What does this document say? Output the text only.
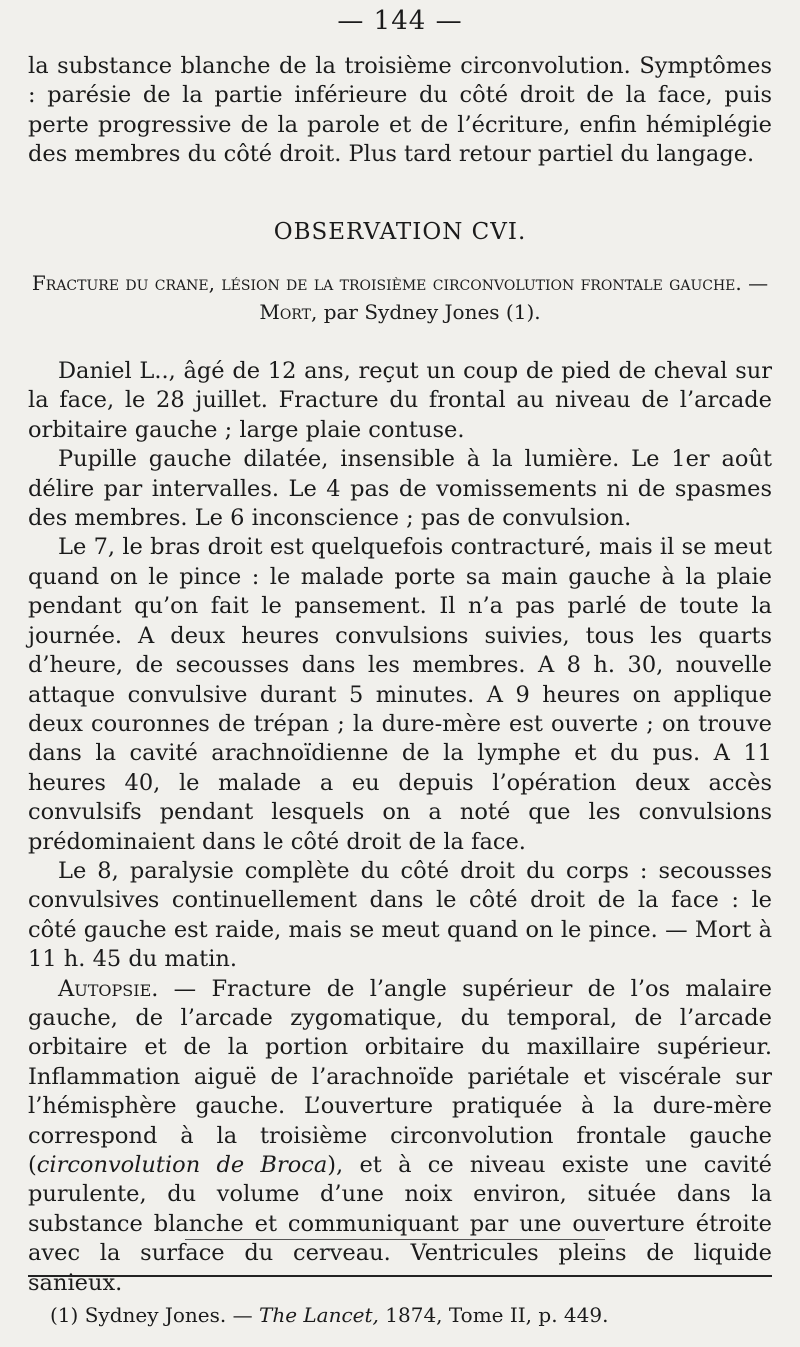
— 144 —

la substance blanche de la troisième circonvolution. Symptômes : parésie de la partie inférieure du côté droit de la face, puis perte progressive de la parole et de l’écriture, enfin hémiplégie des membres du côté droit. Plus tard retour partiel du langage.

OBSERVATION CVI.

Fracture du crane, lésion de la troisième circonvolution frontale gauche. — Mort, par Sydney Jones (1).

Daniel L.., âgé de 12 ans, reçut un coup de pied de cheval sur la face, le 28 juillet. Fracture du frontal au niveau de l’arcade orbitaire gauche ; large plaie contuse.

Pupille gauche dilatée, insensible à la lumière. Le 1er août délire par intervalles. Le 4 pas de vomissements ni de spasmes des membres. Le 6 inconscience ; pas de convulsion.

Le 7, le bras droit est quelquefois contracturé, mais il se meut quand on le pince : le malade porte sa main gauche à la plaie pendant qu’on fait le pansement. Il n’a pas parlé de toute la journée. A deux heures convulsions suivies, tous les quarts d’heure, de secousses dans les membres. A 8 h. 30, nouvelle attaque convulsive durant 5 minutes. A 9 heures on applique deux couronnes de trépan ; la dure-mère est ouverte ; on trouve dans la cavité arachnoïdienne de la lymphe et du pus. A 11 heures 40, le malade a eu depuis l’opération deux accès convulsifs pendant lesquels on a noté que les convulsions prédominaient dans le côté droit de la face.

Le 8, paralysie complète du côté droit du corps : secousses convulsives continuellement dans le côté droit de la face : le côté gauche est raide, mais se meut quand on le pince. — Mort à 11 h. 45 du matin.

Autopsie. — Fracture de l’angle supérieur de l’os malaire gauche, de l’arcade zygomatique, du temporal, de l’arcade orbitaire et de la portion orbitaire du maxillaire supérieur. Inflammation aiguë de l’arachnoïde pariétale et viscérale sur l’hémisphère gauche. L’ouverture pratiquée à la dure-mère correspond à la troisième circonvolution frontale gauche (circonvolution de Broca), et à ce niveau existe une cavité purulente, du volume d’une noix environ, située dans la substance blanche et communiquant par une ouverture étroite avec la surface du cerveau. Ventricules pleins de liquide sanieux.

(1) Sydney Jones. — The Lancet, 1874, Tome II, p. 449.
